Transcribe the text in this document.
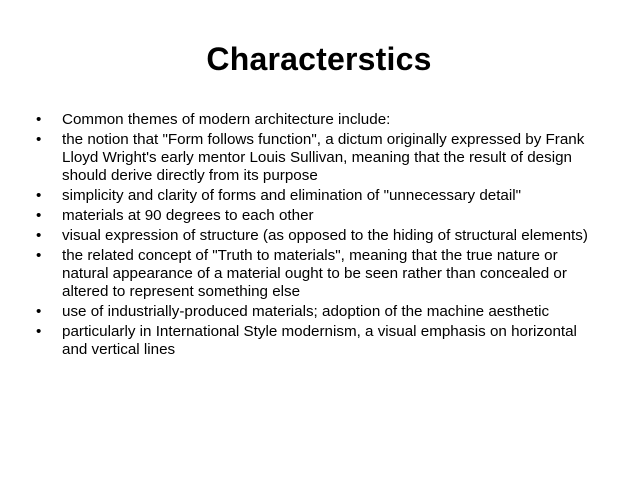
Characterstics
•	Common themes of modern architecture include:
•	the notion that "Form follows function", a dictum originally expressed by Frank Lloyd Wright's early mentor Louis Sullivan, meaning that the result of design should derive directly from its purpose
•	simplicity and clarity of forms and elimination of "unnecessary detail"
•	materials at 90 degrees to each other
•	visual expression of structure (as opposed to the hiding of structural elements)
•	the related concept of "Truth to materials", meaning that the true nature or natural appearance of a material ought to be seen rather than concealed or altered to represent something else
•	use of industrially-produced materials; adoption of the machine aesthetic
•	particularly in International Style modernism, a visual emphasis on horizontal and vertical lines
